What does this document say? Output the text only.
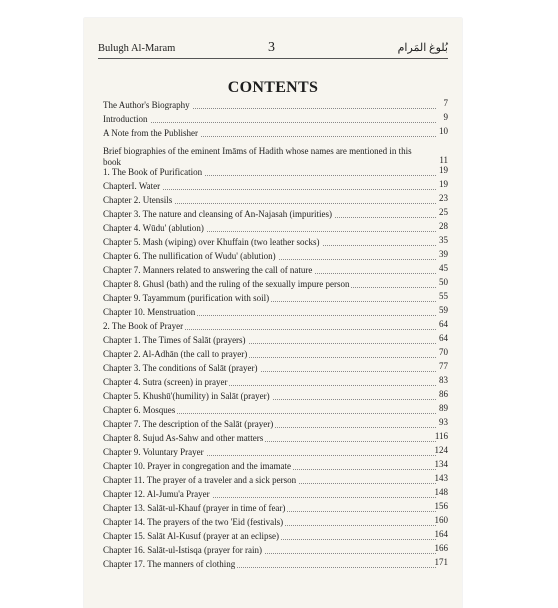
Bulugh Al-Maram	3	بُلوغ المَرام
CONTENTS
The Author's Biography	7
Introduction	9
A Note from the Publisher	10
Brief biographies of the eminent Imāms of Hadith whose names are mentioned in this book	11
1. The Book of Purification	19
ChapterI. Water	19
Chapter 2. Utensils	23
Chapter 3. The nature and cleansing of An-Najasah (impurities)	25
Chapter 4. Wūdu' (ablution)	28
Chapter 5. Mash (wiping) over Khuffain (two leather socks)	35
Chapter 6. The nullification of Wudu' (ablution)	39
Chapter 7. Manners related to answering the call of nature	45
Chapter 8. Ghusl (bath) and the ruling of the sexually impure person	50
Chapter 9. Tayammum (purification with soil)	55
Chapter 10. Menstruation	59
2. The Book of Prayer	64
Chapter 1. The Times of Salāt (prayers)	64
Chapter 2. Al-Adhān (the call to prayer)	70
Chapter 3. The conditions of Salāt (prayer)	77
Chapter 4. Sutra (screen) in prayer	83
Chapter 5. Khushū'(humility) in Salāt (prayer)	86
Chapter 6. Mosques	89
Chapter 7. The description of the Salāt (prayer)	93
Chapter 8. Sujud As-Sahw and other matters	116
Chapter 9. Voluntary Prayer	124
Chapter 10. Prayer in congregation and the imamate	134
Chapter 11. The prayer of a traveler and a sick person	143
Chapter 12. Al-Jumu'a Prayer	148
Chapter 13. Salāt-ul-Khauf (prayer in time of fear)	156
Chapter 14. The prayers of the two 'Eid (festivals)	160
Chapter 15. Salāt Al-Kusuf (prayer at an eclipse)	164
Chapter 16. Salāt-ul-Istisqa (prayer for rain)	166
Chapter 17. The manners of clothing	171
